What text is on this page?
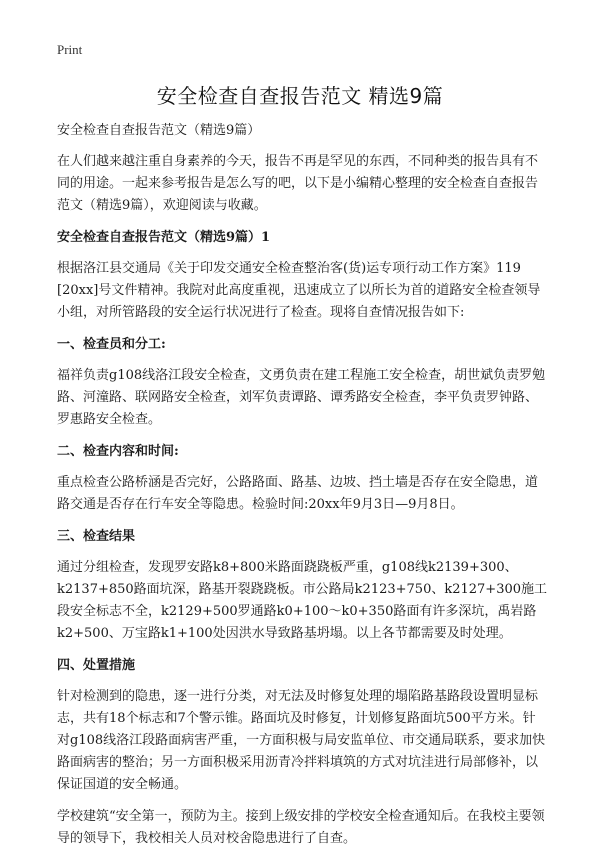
Print
安全检查自查报告范文 精选9篇

安全检查自查报告范文（精选9篇）

在人们越来越注重自身素养的今天，报告不再是罕见的东西，不同种类的报告具有不同的用途。一起来参考报告是怎么写的吧，以下是小编精心整理的安全检查自查报告范文（精选9篇），欢迎阅读与收藏。

安全检查自查报告范文（精选9篇）1

根据洛江县交通局《关于印发交通安全检查整治客(货)运专项行动工作方案》119 [20xx]号文件精神。我院对此高度重视，迅速成立了以所长为首的道路安全检查领导小组，对所管路段的安全运行状况进行了检查。现将自查情况报告如下:

一、检查员和分工:

福祥负责g108线洛江段安全检查，文勇负责在建工程施工安全检查，胡世斌负责罗勉路、河潼路、联网路安全检查，刘军负责谭路、谭秀路安全检查，李平负责罗钟路、罗惠路安全检查。

二、检查内容和时间:

重点检查公路桥涵是否完好，公路路面、路基、边坡、挡土墙是否存在安全隐患，道路交通是否存在行车安全等隐患。检验时间:20xx年9月3日—9月8日。

三、检查结果

通过分组检查，发现罗安路k8+800米路面跷跷板严重，g108线k2139+300、k2137+850路面坑深，路基开裂跷跷板。市公路局k2123+750、k2127+300施工段安全标志不全，k2129+500罗通路k0+100～k0+350路面有许多深坑，禹岩路k2+500、万宝路k1+100处因洪水导致路基坍塌。以上各节都需要及时处理。

四、处置措施

针对检测到的隐患，逐一进行分类，对无法及时修复处理的塌陷路基路段设置明显标志，共有18个标志和7个警示锥。路面坑及时修复，计划修复路面坑500平方米。针对g108线洛江段路面病害严重，一方面积极与局安监单位、市交通局联系，要求加快路面病害的整治；另一方面积极采用沥青冷拌料填筑的方式对坑洼进行局部修补，以保证国道的安全畅通。

学校建筑“安全第一，预防为主。接到上级安排的学校安全检查通知后。在我校主要领导的领导下，我校相关人员对校舍隐患进行了自查。
